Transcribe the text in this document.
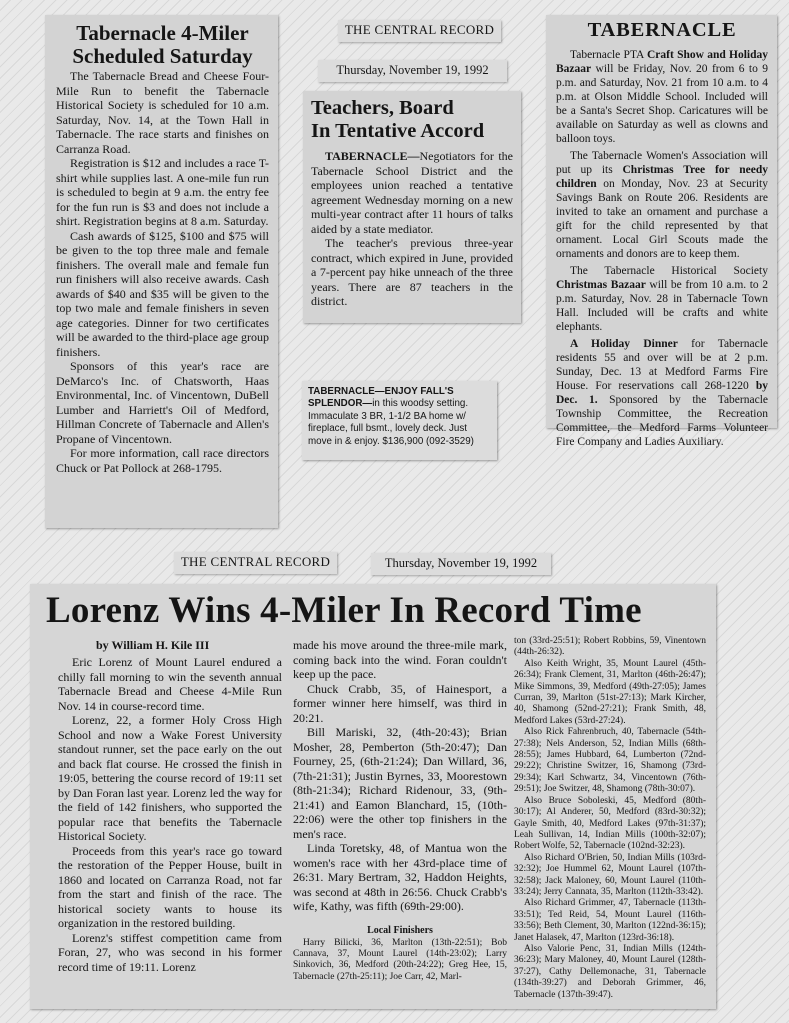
Tabernacle 4-Miler
Scheduled Saturday

The Tabernacle Bread and Cheese Four-Mile Run to benefit the Tabernacle Historical Society is scheduled for 10 a.m. Saturday, Nov. 14, at the Town Hall in Tabernacle. The race starts and finishes on Carranza Road.

Registration is $12 and includes a race T-shirt while supplies last. A one-mile fun run is scheduled to begin at 9 a.m. the entry fee for the fun run is $3 and does not include a shirt. Registration begins at 8 a.m. Saturday.

Cash awards of $125, $100 and $75 will be given to the top three male and female finishers. The overall male and female fun run finishers will also receive awards. Cash awards of $40 and $35 will be given to the top two male and female finishers in seven age categories. Dinner for two certificates will be awarded to the third-place age group finishers.

Sponsors of this year's race are DeMarco's Inc. of Chatsworth, Haas Environmental, Inc. of Vincentown, DuBell Lumber and Harriett's Oil of Medford, Hillman Concrete of Tabernacle and Allen's Propane of Vincentown.

For more information, call race directors Chuck or Pat Pollock at 268-1795.

THE CENTRAL RECORD
Thursday, November 19, 1992
Teachers, Board
In Tentative Accord

TABERNACLE—Negotiators for the Tabernacle School District and the employees union reached a tentative agreement Wednesday morning on a new multi-year contract after 11 hours of talks aided by a state mediator.

The teacher's previous three-year contract, which expired in June, provided a 7-percent pay hike unneach of the three years. There are 87 teachers in the district.

TABERNACLE—ENJOY FALL'S SPLENDOR—in this woodsy setting. Immaculate 3 BR, 1-1/2 BA home w/ fireplace, full bsmt., lovely deck. Just move in & enjoy. $136,900 (092-3529)

TABERNACLE

Tabernacle PTA Craft Show and Holiday Bazaar will be Friday, Nov. 20 from 6 to 9 p.m. and Saturday, Nov. 21 from 10 a.m. to 4 p.m. at Olson Middle School. Included will be a Santa's Secret Shop. Caricatures will be available on Saturday as well as clowns and balloon toys.

The Tabernacle Women's Association will put up its Christmas Tree for needy children on Monday, Nov. 23 at Security Savings Bank on Route 206. Residents are invited to take an ornament and purchase a gift for the child represented by that ornament. Local Girl Scouts made the ornaments and donors are to keep them.

The Tabernacle Historical Society Christmas Bazaar will be from 10 a.m. to 2 p.m. Saturday, Nov. 28 in Tabernacle Town Hall. Included will be crafts and white elephants.

A Holiday Dinner for Tabernacle residents 55 and over will be at 2 p.m. Sunday, Dec. 13 at Medford Farms Fire House. For reservations call 268-1220 by Dec. 1. Sponsored by the Tabernacle Township Committee, the Recreation Committee, the Medford Farms Volunteer Fire Company and Ladies Auxiliary.

THE CENTRAL RECORD	Thursday, November 19, 1992
Lorenz Wins 4-Miler In Record Time
by William H. Kile III

Eric Lorenz of Mount Laurel endured a chilly fall morning to win the seventh annual Tabernacle Bread and Cheese 4-Mile Run Nov. 14 in course-record time.

Lorenz, 22, a former Holy Cross High School and now a Wake Forest University standout runner, set the pace early on the out and back flat course. He crossed the finish in 19:05, bettering the course record of 19:11 set by Dan Foran last year. Lorenz led the way for the field of 142 finishers, who supported the popular race that benefits the Tabernacle Historical Society.

Proceeds from this year's race go toward the restoration of the Pepper House, built in 1860 and located on Carranza Road, not far from the start and finish of the race. The historical society wants to house its organization in the restored building.

Lorenz's stiffest competition came from Foran, 27, who was second in his former record time of 19:11. Lorenz

made his move around the three-mile mark, coming back into the wind. Foran couldn't keep up the pace.

Chuck Crabb, 35, of Hainesport, a former winner here himself, was third in 20:21.

Bill Mariski, 32, (4th-20:43); Brian Mosher, 28, Pemberton (5th-20:47); Dan Fourney, 25, (6th-21:24); Dan Willard, 36, (7th-21:31); Justin Byrnes, 33, Moorestown (8th-21:34); Richard Ridenour, 33, (9th-21:41) and Eamon Blanchard, 15, (10th-22:06) were the other top finishers in the men's race.

Linda Toretsky, 48, of Mantua won the women's race with her 43rd-place time of 26:31. Mary Bertram, 32, Haddon Heights, was second at 48th in 26:56. Chuck Crabb's wife, Kathy, was fifth (69th-29:00).

Local Finishers

Harry Bilicki, 36, Marlton (13th-22:51); Bob Cannava, 37, Mount Laurel (14th-23:02); Larry Sinkovich, 36, Medford (20th-24:22); Greg Hee, 15, Tabernacle (27th-25:11); Joe Carr, 42, Marl-

ton (33rd-25:51); Robert Robbins, 59, Vinentown (44th-26:32).

Also Keith Wright, 35, Mount Laurel (45th-26:34); Frank Clement, 31, Marlton (46th-26:47); Mike Simmons, 39, Medford (49th-27:05); James Curran, 39, Marlton (51st-27:13); Mark Kircher, 40, Shamong (52nd-27:21); Frank Smith, 48, Medford Lakes (53rd-27:24).

Also Rick Fahrenbruch, 40, Tabernacle (54th-27:38); Nels Anderson, 52, Indian Mills (68th-28:55); James Hubbard, 64, Lumberton (72nd-29:22); Christine Switzer, 16, Shamong (73rd-29:34); Karl Schwartz, 34, Vincentown (76th-29:51); Joe Switzer, 48, Shamong (78th-30:07).

Also Bruce Soboleski, 45, Medford (80th-30:17); Al Anderer, 50, Medford (83rd-30:32); Gayle Smith, 40, Medford Lakes (97th-31:37); Leah Sullivan, 14, Indian Mills (100th-32:07); Robert Wolfe, 52, Tabernacle (102nd-32:23).

Also Richard O'Brien, 50, Indian Mills (103rd-32:32); Joe Hummel 62, Mount Laurel (107th-32:58); Jack Maloney, 60, Mount Laurel (110th-33:24); Jerry Cannata, 35, Marlton (112th-33:42).

Also Richard Grimmer, 47, Tabernacle (113th-33:51); Ted Reid, 54, Mount Laurel (116th-33:56); Beth Clement, 30, Marlton (122nd-36:15); Janet Halasek, 47, Marlton (123rd-36:18).

Also Valorie Penc, 31, Indian Mills (124th-36:23); Mary Maloney, 40, Mount Laurel (128th-37:27), Cathy Dellemonache, 31, Tabernacle (134th-39:27) and Deborah Grimmer, 46, Tabernacle (137th-39:47).
